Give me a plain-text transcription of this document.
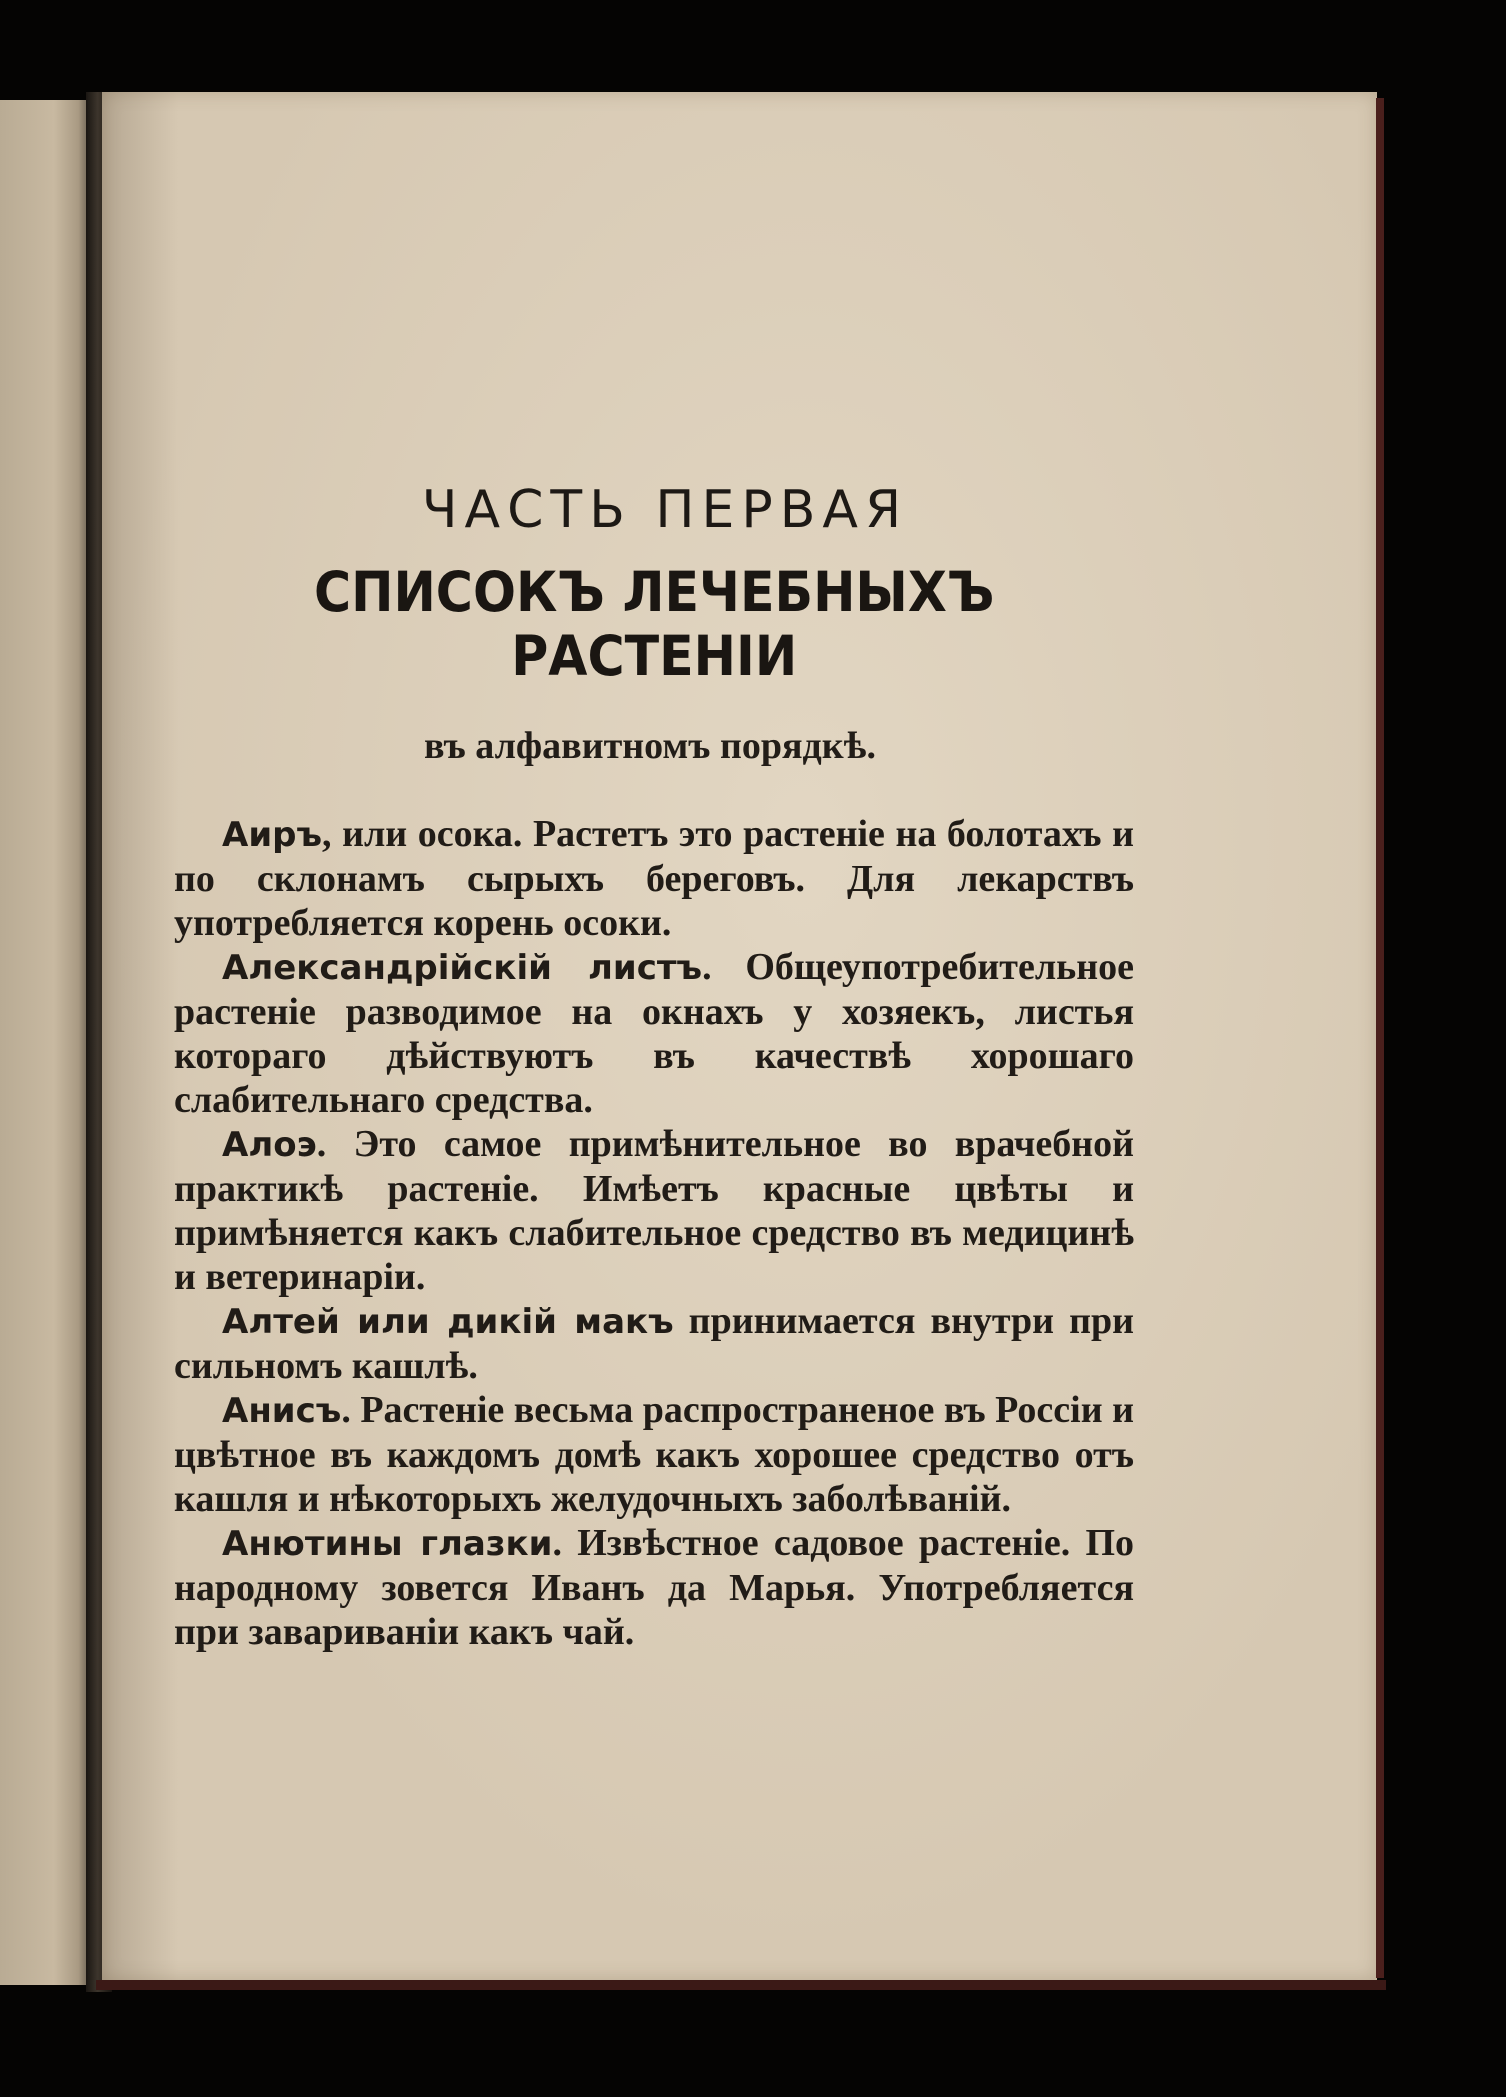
ЧАСТЬ ПЕРВАЯ
СПИСОКЪ ЛЕЧЕБНЫХЪ РАСТЕНІИ
въ алфавитномъ порядкѣ.

Аиръ, или осока. Растетъ это растеніе на болотахъ и по склонамъ сырыхъ береговъ. Для лекарствъ употребляется корень осоки.

Александрійскій листъ. Общеупотребительное растеніе разводимое на окнахъ у хозяекъ, листья котораго дѣйствуютъ въ качествѣ хорошаго слабительнаго средства.

Алоэ. Это самое примѣнительное во врачебной практикѣ растеніе. Имѣетъ красные цвѣты и примѣняется какъ слабительное средство въ медицинѣ и ветеринаріи.

Алтей или дикій макъ принимается внутри при сильномъ кашлѣ.

Анисъ. Растеніе весьма распространеное въ Россіи и цвѣтное въ каждомъ домѣ какъ хорошее средство отъ кашля и нѣкоторыхъ желудочныхъ заболѣваній.

Анютины глазки. Извѣстное садовое растеніе. По народному зовется Иванъ да Марья. Употребляется при завариваніи какъ чай.
